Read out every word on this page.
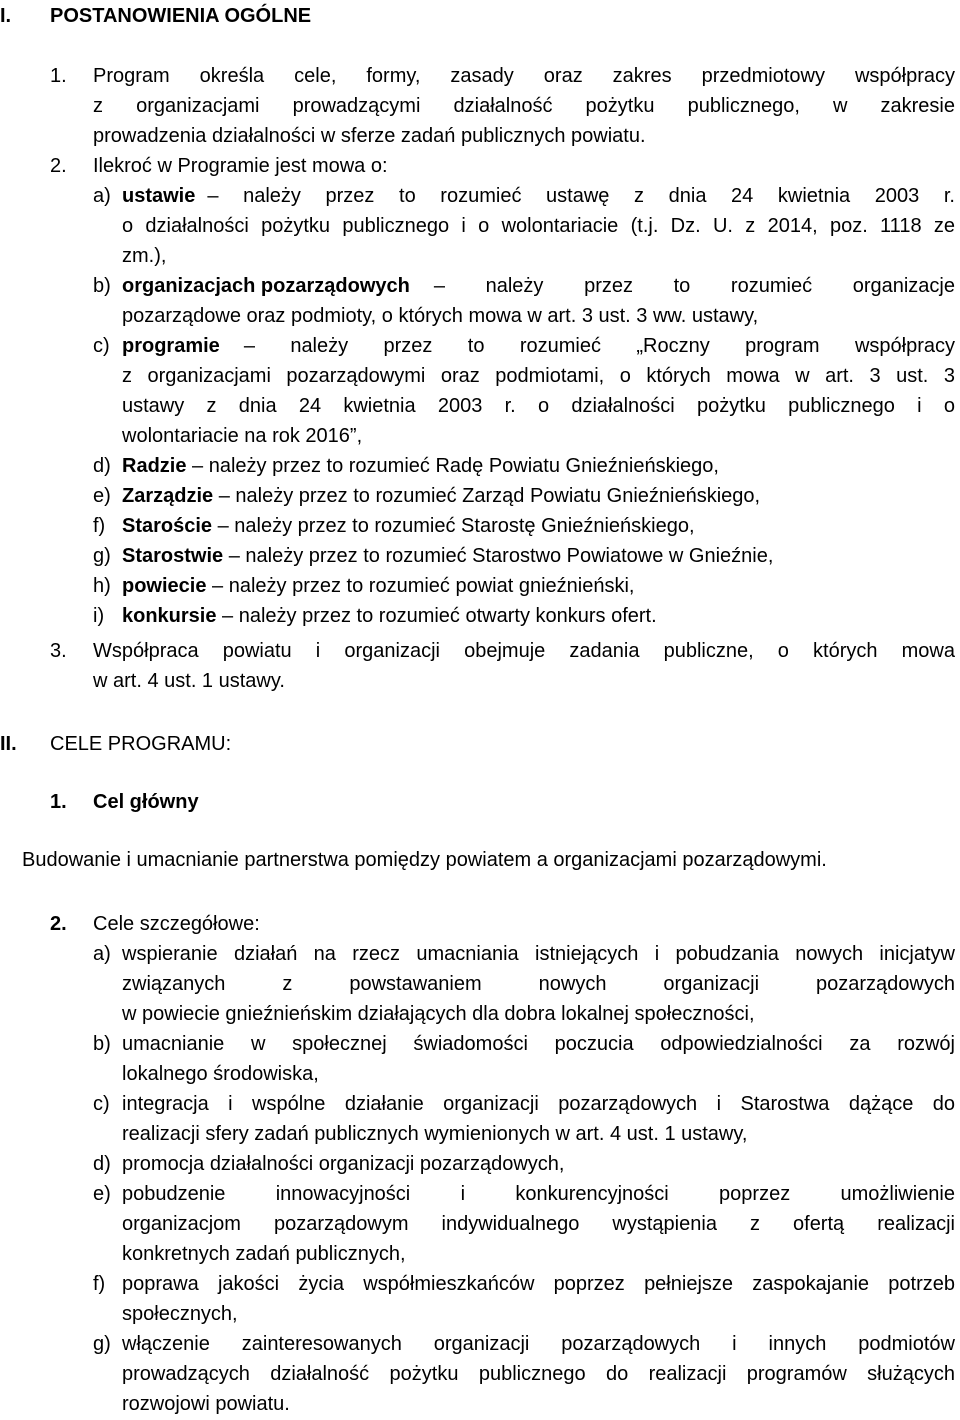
I. POSTANOWIENIA OGÓLNE
1. Program określa cele, formy, zasady oraz zakres przedmiotowy współpracy
z organizacjami prowadzącymi działalność pożytku publicznego, w zakresie
prowadzenia działalności w sferze zadań publicznych powiatu.
2. Ilekroć w Programie jest mowa o:
a) ustawie – należy przez to rozumieć ustawę z dnia 24 kwietnia 2003 r.
o działalności pożytku publicznego i o wolontariacie (t.j. Dz. U. z 2014, poz. 1118 ze
zm.),
b) organizacjach pozarządowych – należy przez to rozumieć organizacje
pozarządowe oraz podmioty, o których mowa w art. 3 ust. 3 ww. ustawy,
c) programie – należy przez to rozumieć „Roczny program współpracy
z organizacjami pozarządowymi oraz podmiotami, o których mowa w art. 3 ust. 3
ustawy z dnia 24 kwietnia 2003 r. o działalności pożytku publicznego i o
wolontariacie na rok 2016”,
d) Radzie – należy przez to rozumieć Radę Powiatu Gnieźnieńskiego,
e) Zarządzie – należy przez to rozumieć Zarząd Powiatu Gnieźnieńskiego,
f) Staroście – należy przez to rozumieć Starostę Gnieźnieńskiego,
g) Starostwie – należy przez to rozumieć Starostwo Powiatowe w Gnieźnie,
h) powiecie – należy przez to rozumieć powiat gnieźnieński,
i) konkursie – należy przez to rozumieć otwarty konkurs ofert.
3. Współpraca powiatu i organizacji obejmuje zadania publiczne, o których mowa
w art. 4 ust. 1 ustawy.
II. CELE PROGRAMU:
1. Cel główny
Budowanie i umacnianie partnerstwa pomiędzy powiatem a organizacjami pozarządowymi.
2. Cele szczegółowe:
a) wspieranie działań na rzecz umacniania istniejących i pobudzania nowych inicjatyw
związanych z powstawaniem nowych organizacji pozarządowych
w powiecie gnieźnieńskim działających dla dobra lokalnej społeczności,
b) umacnianie w społecznej świadomości poczucia odpowiedzialności za rozwój
lokalnego środowiska,
c) integracja i wspólne działanie organizacji pozarządowych i Starostwa dążące do
realizacji sfery zadań publicznych wymienionych w art. 4 ust. 1 ustawy,
d) promocja działalności organizacji pozarządowych,
e) pobudzenie innowacyjności i konkurencyjności poprzez umożliwienie
organizacjom pozarządowym indywidualnego wystąpienia z ofertą realizacji
konkretnych zadań publicznych,
f) poprawa jakości życia współmieszkańców poprzez pełniejsze zaspokajanie potrzeb
społecznych,
g) włączenie zainteresowanych organizacji pozarządowych i innych podmiotów
prowadzących działalność pożytku publicznego do realizacji programów służących
rozwojowi powiatu.
